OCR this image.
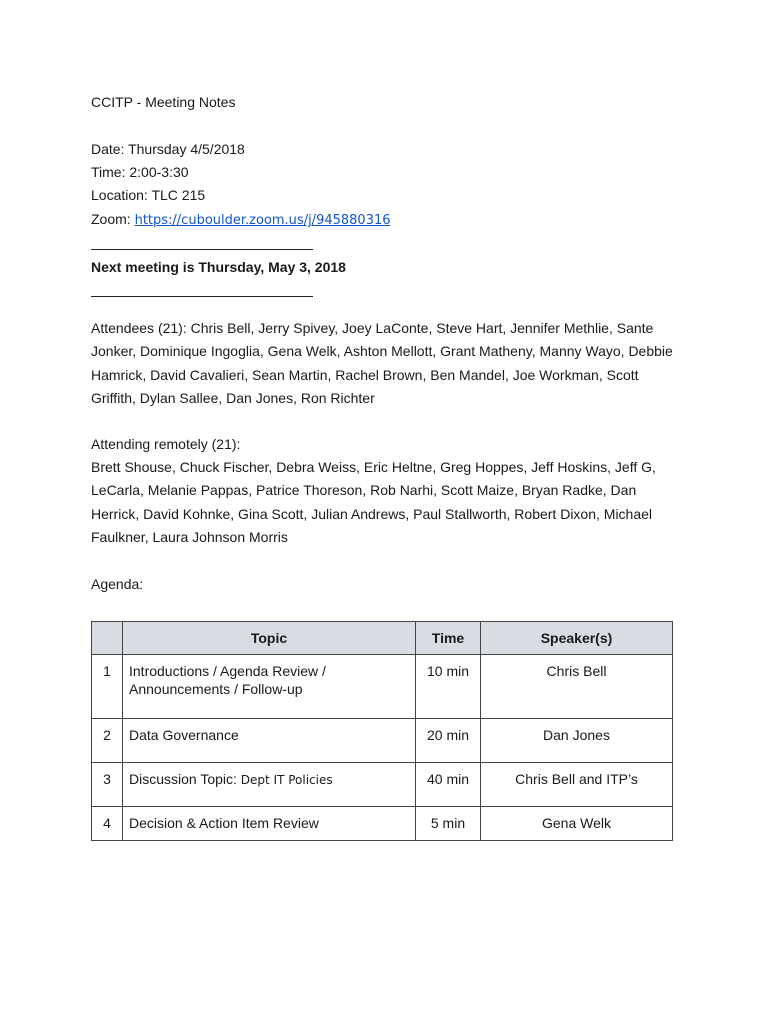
CCITP - Meeting Notes
Date: Thursday 4/5/2018
Time: 2:00-3:30
Location: TLC 215
Zoom: https://cuboulder.zoom.us/j/945880316
Next meeting is Thursday, May 3, 2018
Attendees (21): Chris Bell, Jerry Spivey, Joey LaConte, Steve Hart, Jennifer Methlie, Sante Jonker, Dominique Ingoglia, Gena Welk, Ashton Mellott, Grant Matheny, Manny Wayo, Debbie Hamrick, David Cavalieri, Sean Martin, Rachel Brown, Ben Mandel, Joe Workman, Scott Griffith, Dylan Sallee, Dan Jones, Ron Richter
Attending remotely (21):
Brett Shouse, Chuck Fischer, Debra Weiss, Eric Heltne, Greg Hoppes, Jeff Hoskins, Jeff G, LeCarla, Melanie Pappas, Patrice Thoreson, Rob Narhi, Scott Maize, Bryan Radke, Dan Herrick, David Kohnke, Gina Scott, Julian Andrews, Paul Stallworth, Robert Dixon, Michael Faulkner, Laura Johnson Morris
Agenda:
	Topic	Time	Speaker(s)
1	Introductions / Agenda Review / Announcements / Follow-up	10 min	Chris Bell
2	Data Governance	20 min	Dan Jones
3	Discussion Topic: Dept IT Policies	40 min	Chris Bell and ITP’s
4	Decision & Action Item Review	5 min	Gena Welk
